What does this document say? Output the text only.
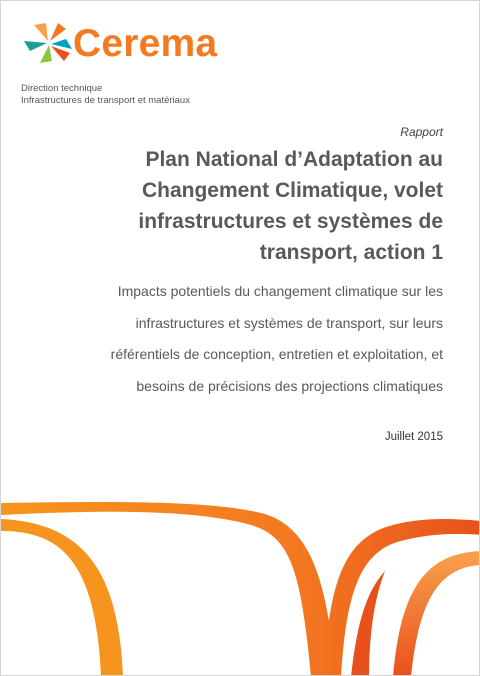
Cerema
Direction technique
Infrastructures de transport et matériaux
Rapport
Plan National d’Adaptation au
Changement Climatique, volet
infrastructures et systèmes de
transport, action 1
Impacts potentiels du changement climatique sur les
infrastructures et systèmes de transport, sur leurs
référentiels de conception, entretien et exploitation, et
besoins de précisions des projections climatiques
Juillet 2015
